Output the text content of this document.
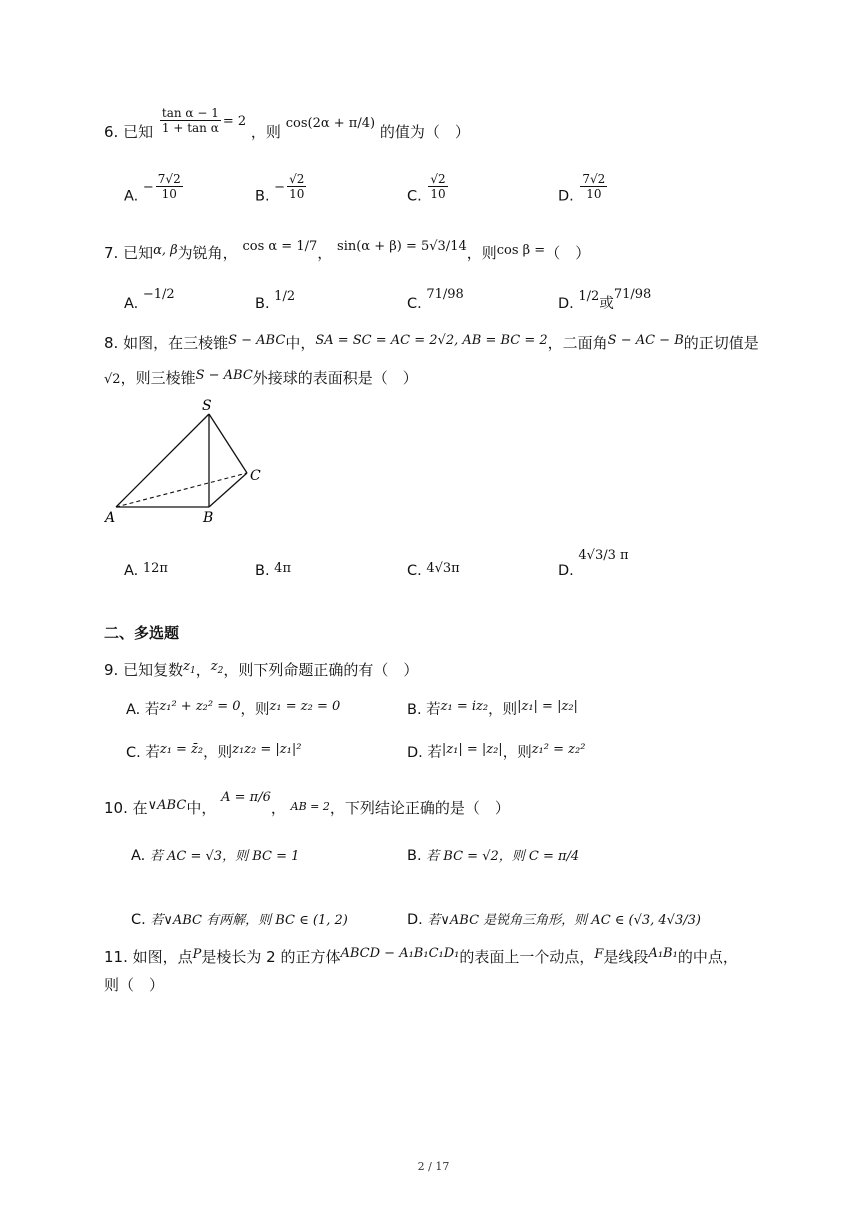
6. 已知 $\frac{\text{tan α − 1}}{\text{1 + tan α}} = 2$ ，则 cos(2α + π/4) 的值为（　）
A. − $\frac{7√2}{10}$	B. − $\frac{√2}{10}$	C. $\frac{√2}{10}$	D. $\frac{7√2}{10}$
7. 已知α, β为锐角， cos α = 1/7， sin(α + β) = 5√3/14，则cos β =（　）
A. −1/2
B. 1/2	C. 71/98
D. 1/2或71/98
8. 如图，在三棱锥S − ABC中，SA = SC = AC = 2√2, AB = BC = 2，二面角S − AC − B的正切值是
√2，则三棱锥S − ABC外接球的表面积是（　）
S
A	B
C
A. 12π	B. 4π	C. 4√3π	D. 4√3/3 π
二、多选题
9. 已知复数$z_1$，$z_2$，则下列命题正确的有（　）
A. 若z₁² + z₂² = 0，则z₁ = z₂ = 0	B. 若z₁ = iz₂，则|z₁| = |z₂|
C. 若z₁ = z̄₂，则z₁z₂ = |z₁|²	D. 若|z₁| = |z₂|，则z₁² = z₂²
10. 在∨ABC中， A = π/6， $^{AB = 2}$，下列结论正确的是（　）
A. 若 AC = √3，则 BC = 1	B. 若 BC = √2，则 C = π/4
C. 若∨ABC 有两解，则 BC ∈ (1, 2)	D. 若∨ABC 是锐角三角形，则 AC ∈ (√3, 4√3/3)
11. 如图，点P是棱长为 2 的正方体ABCD − A₁B₁C₁D₁的表面上一个动点，F是线段A₁B₁的中点，
则（　）
2 / 17
